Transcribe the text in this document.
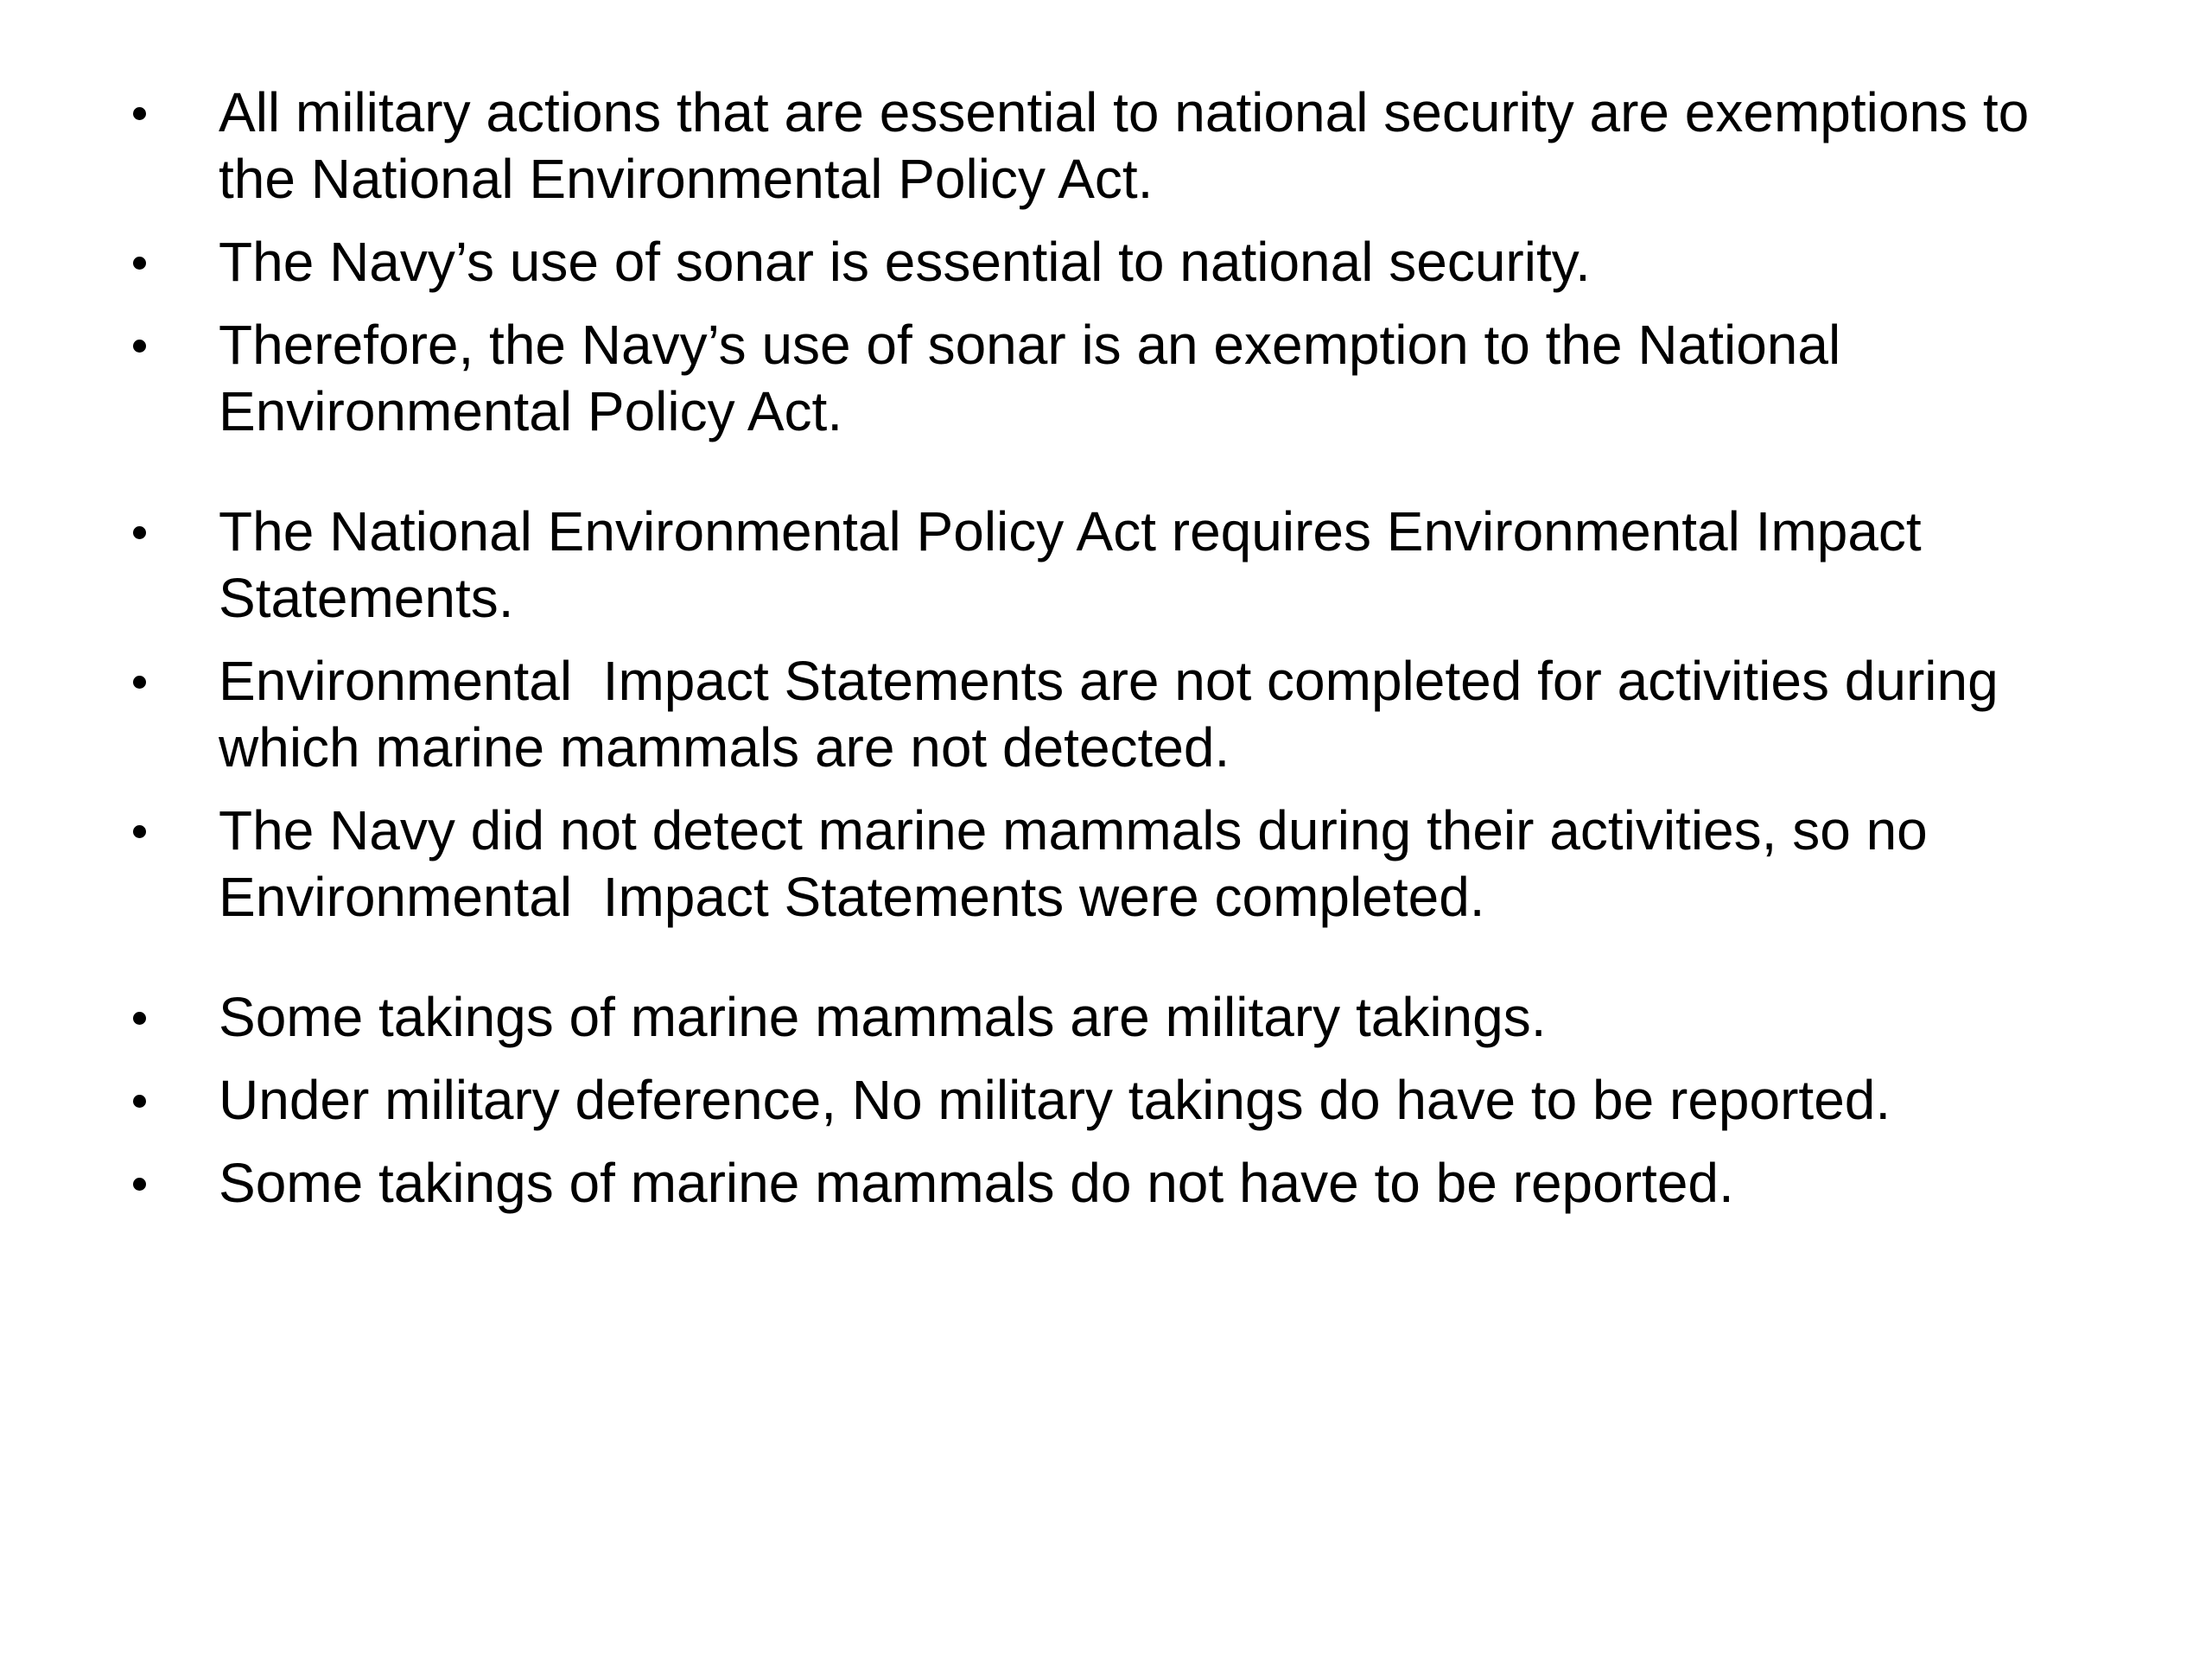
All military actions that are essential to national security are exemptions to the National Environmental Policy Act.
The Navy’s use of sonar is essential to national security.
Therefore, the Navy’s use of sonar is an exemption to the National Environmental Policy Act.
The National Environmental Policy Act requires Environmental Impact Statements.
Environmental  Impact Statements are not completed for activities during which marine mammals are not detected.
The Navy did not detect marine mammals during their activities, so no Environmental  Impact Statements were completed.
Some takings of marine mammals are military takings.
Under military deference, No military takings do have to be reported.
Some takings of marine mammals do not have to be reported.
